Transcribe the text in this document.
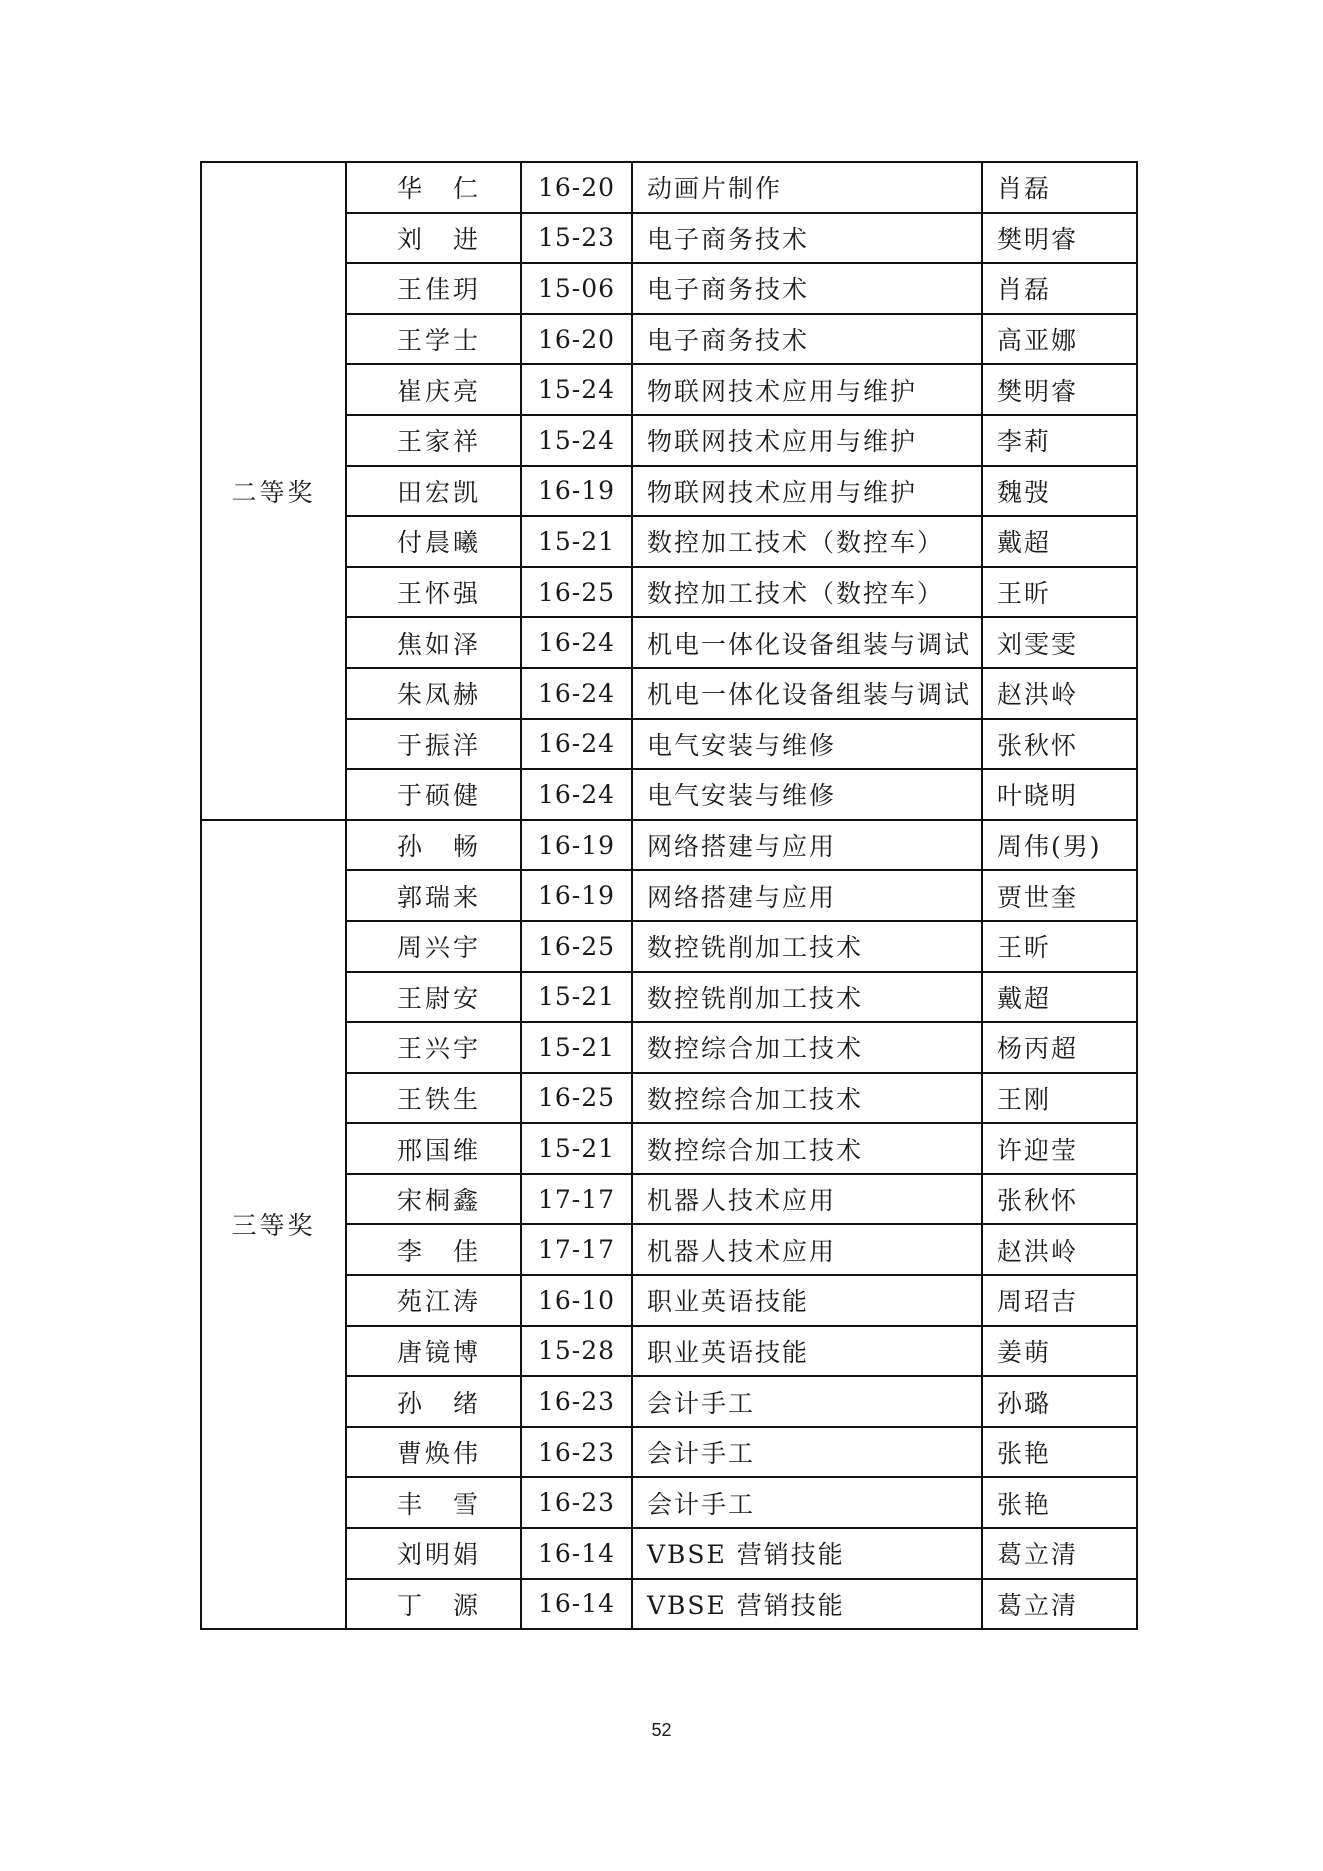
二等奖	华　仁	16-20	动画片制作	肖磊
	刘　进	15-23	电子商务技术	樊明睿
	王佳玥	15-06	电子商务技术	肖磊
	王学士	16-20	电子商务技术	高亚娜
	崔庆亮	15-24	物联网技术应用与维护	樊明睿
	王家祥	15-24	物联网技术应用与维护	李莉
	田宏凯	16-19	物联网技术应用与维护	魏弢
	付晨曦	15-21	数控加工技术（数控车）	戴超
	王怀强	16-25	数控加工技术（数控车）	王昕
	焦如泽	16-24	机电一体化设备组装与调试	刘雯雯
	朱凤赫	16-24	机电一体化设备组装与调试	赵洪岭
	于振洋	16-24	电气安装与维修	张秋怀
	于硕健	16-24	电气安装与维修	叶晓明
三等奖	孙　畅	16-19	网络搭建与应用	周伟(男)
	郭瑞来	16-19	网络搭建与应用	贾世奎
	周兴宇	16-25	数控铣削加工技术	王昕
	王尉安	15-21	数控铣削加工技术	戴超
	王兴宇	15-21	数控综合加工技术	杨丙超
	王铁生	16-25	数控综合加工技术	王刚
	邢国维	15-21	数控综合加工技术	许迎莹
	宋桐鑫	17-17	机器人技术应用	张秋怀
	李　佳	17-17	机器人技术应用	赵洪岭
	苑江涛	16-10	职业英语技能	周玿吉
	唐镜博	15-28	职业英语技能	姜萌
	孙　绪	16-23	会计手工	孙璐
	曹焕伟	16-23	会计手工	张艳
	丰　雪	16-23	会计手工	张艳
	刘明娟	16-14	VBSE 营销技能	葛立清
	丁　源	16-14	VBSE 营销技能	葛立清
52
